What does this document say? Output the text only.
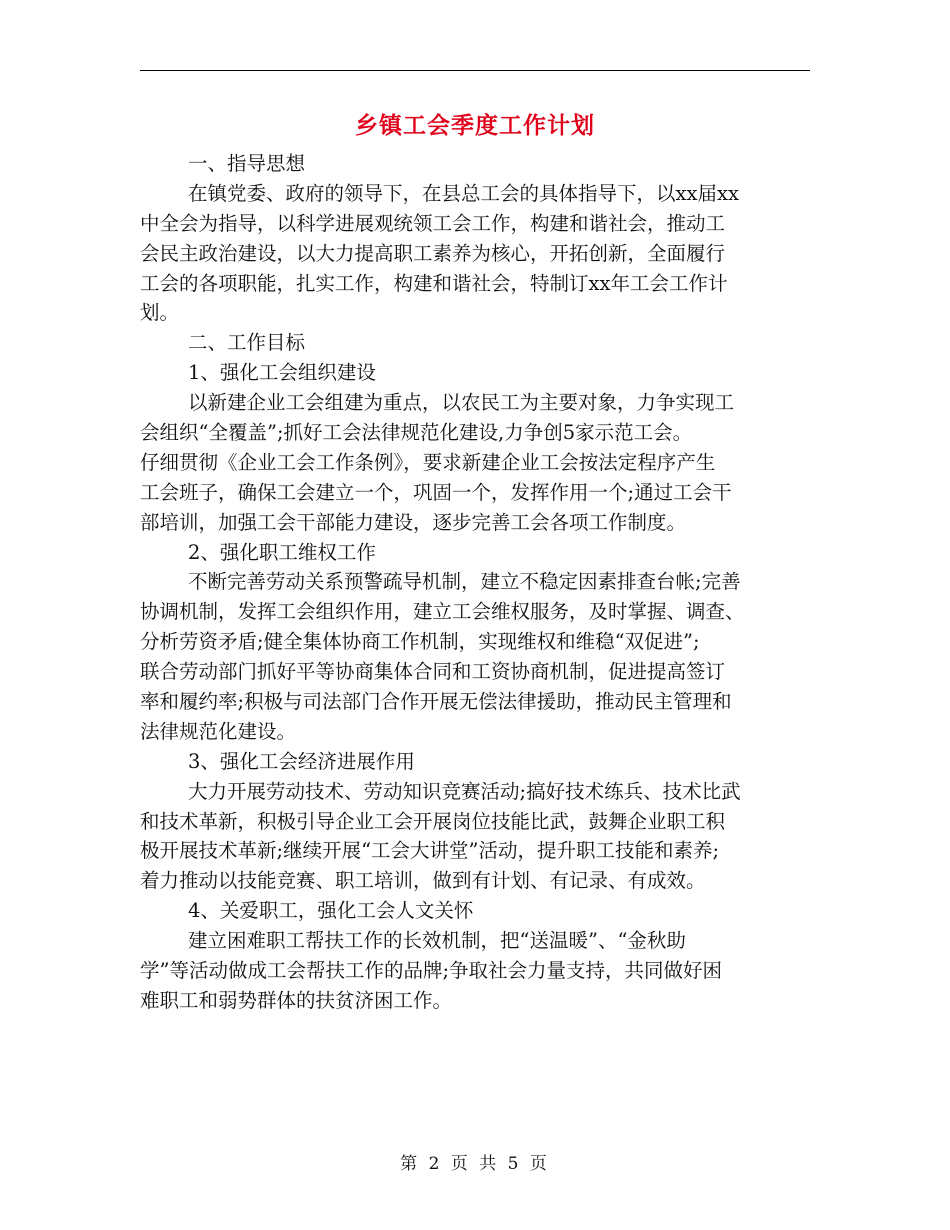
乡镇工会季度工作计划
一、指导思想
在镇党委、政府的领导下，在县总工会的具体指导下，以xx届xx
中全会为指导，以科学进展观统领工会工作，构建和谐社会，推动工
会民主政治建设，以大力提高职工素养为核心，开拓创新，全面履行
工会的各项职能，扎实工作，构建和谐社会，特制订xx年工会工作计
划。
二、工作目标
1、强化工会组织建设
以新建企业工会组建为重点，以农民工为主要对象，力争实现工
会组织“全覆盖”;抓好工会法律规范化建设,力争创5家示范工会。
仔细贯彻《企业工会工作条例》，要求新建企业工会按法定程序产生
工会班子，确保工会建立一个，巩固一个，发挥作用一个;通过工会干
部培训，加强工会干部能力建设，逐步完善工会各项工作制度。
2、强化职工维权工作
不断完善劳动关系预警疏导机制，建立不稳定因素排查台帐;完善
协调机制，发挥工会组织作用，建立工会维权服务，及时掌握、调查、
分析劳资矛盾;健全集体协商工作机制，实现维权和维稳“双促进”;
联合劳动部门抓好平等协商集体合同和工资协商机制，促进提高签订
率和履约率;积极与司法部门合作开展无偿法律援助，推动民主管理和
法律规范化建设。
3、强化工会经济进展作用
大力开展劳动技术、劳动知识竞赛活动;搞好技术练兵、技术比武
和技术革新，积极引导企业工会开展岗位技能比武，鼓舞企业职工积
极开展技术革新;继续开展“工会大讲堂”活动，提升职工技能和素养;
着力推动以技能竞赛、职工培训，做到有计划、有记录、有成效。
4、关爱职工，强化工会人文关怀
建立困难职工帮扶工作的长效机制，把“送温暖”、“金秋助
学”等活动做成工会帮扶工作的品牌;争取社会力量支持，共同做好困
难职工和弱势群体的扶贫济困工作。
第 2 页 共 5 页
